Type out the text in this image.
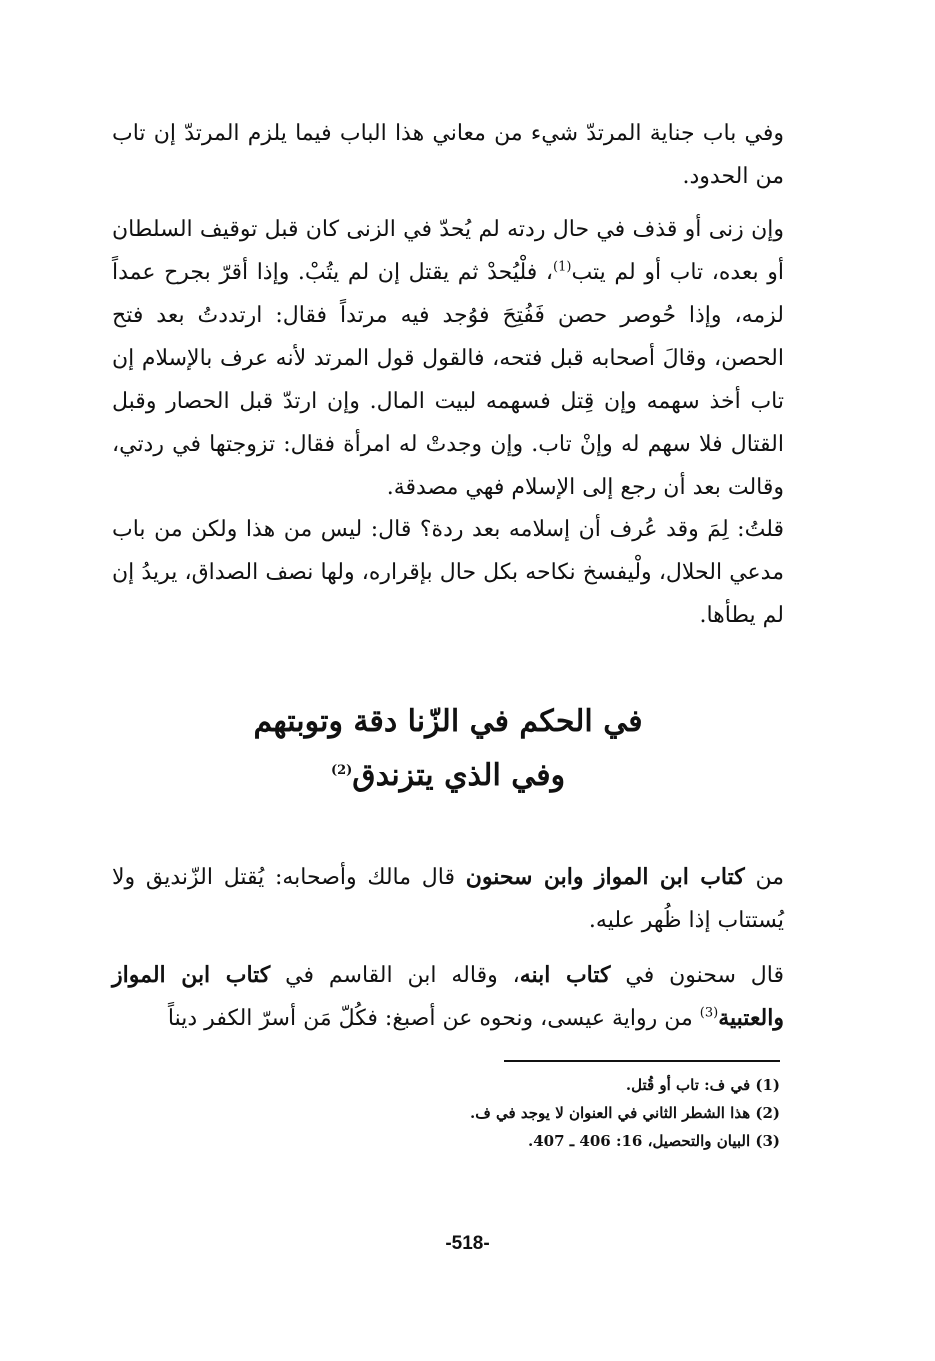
وفي باب جناية المرتدّ شيء من معاني هذا الباب فيما يلزم المرتدّ إن تاب من الحدود.

وإن زنى أو قذف في حال ردته لم يُحدّ في الزنى كان قبل توقيف السلطان أو بعده، تاب أو لم يتب$^{(1)}$، فلْيُحدْ ثم يقتل إن لم يتُبْ. وإذا أقرّ بجرح عمداً لزمه، وإذا حُوصر حصن فَفُتِحَ فوُجد فيه مرتداً فقال: ارتددتُ بعد فتح الحصن، وقالَ أصحابه قبل فتحه، فالقول قول المرتد لأنه عرف بالإسلام إن تاب أخذ سهمه وإن قِتل فسهمه لبيت المال. وإن ارتدّ قبل الحصار وقبل القتال فلا سهم له وإنْ تاب. وإن وجدتْ له امرأة فقال: تزوجتها في ردتي، وقالت بعد أن رجع إلى الإسلام فهي مصدقة.

قلتُ: لِمَ وقد عُرف أن إسلامه بعد ردة؟ قال: ليس من هذا ولكن من باب مدعي الحلال، ولْيفسخ نكاحه بكل حال بإقراره، ولها نصف الصداق، يريدُ إن لم يطأها.

في الحكم في الزّنا دقة وتوبتهم
وفي الذي يتزندق$^{(2)}$

من كتاب ابن المواز وابن سحنون قال مالك وأصحابه: يُقتل الزّنديق ولا يُستتاب إذا ظُهر عليه.

قال سحنون في كتاب ابنه، وقاله ابن القاسم في كتاب ابن المواز والعتبية$^{(3)}$ من رواية عيسى، ونحوه عن أصبغ: فكُلّ مَن أسرّ الكفر ديناً

(1) في ف: تاب أو قُتل.
(2) هذا الشطر الثاني في العنوان لا يوجد في ف.
(3) البيان والتحصيل، 16: 406 ـ 407.
-518-
